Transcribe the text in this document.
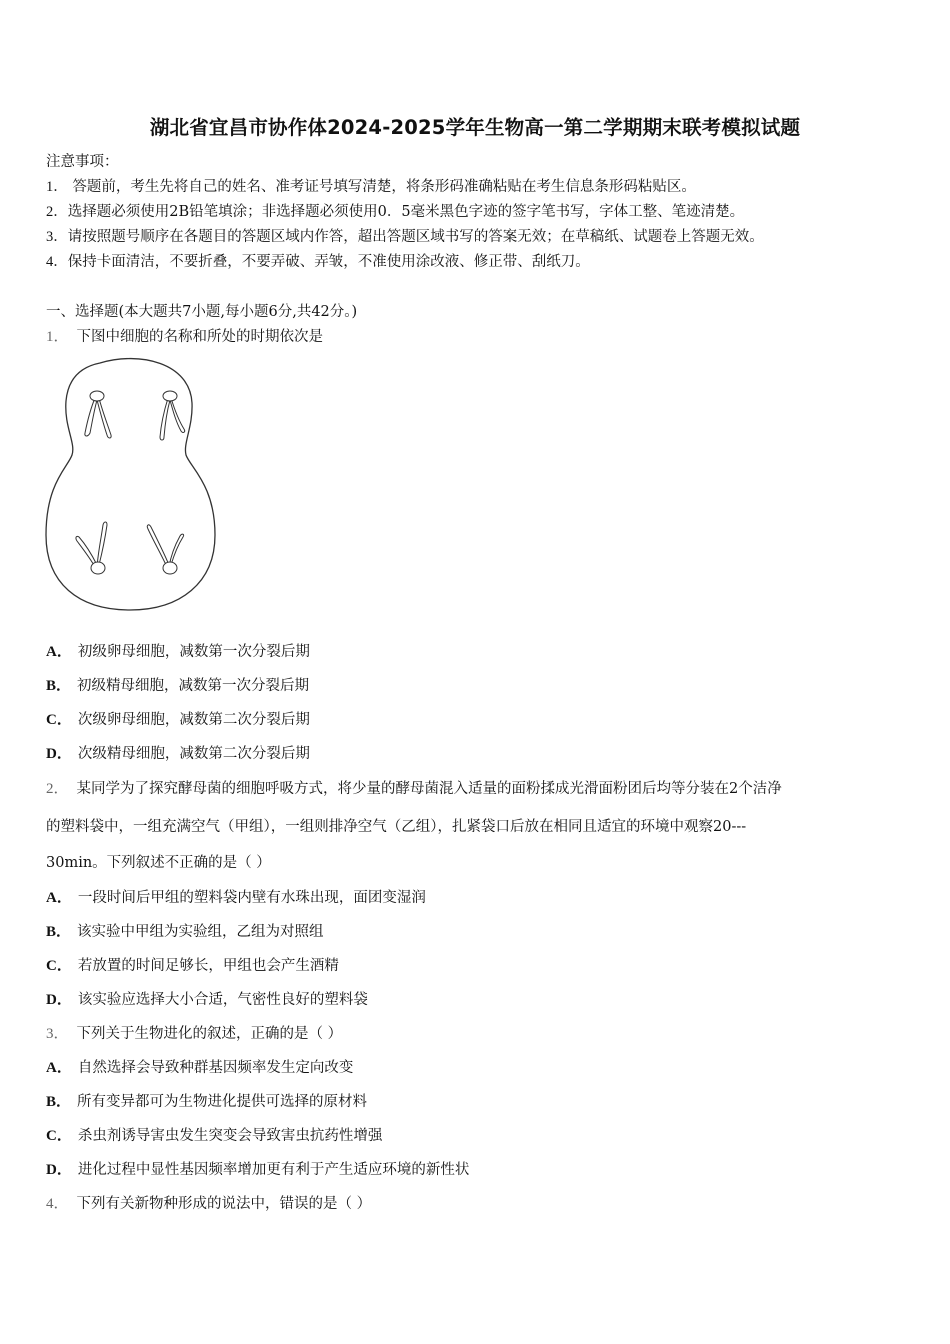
湖北省宜昌市协作体2024-2025学年生物高一第二学期期末联考模拟试题
注意事项：
1． 答题前，考生先将自己的姓名、准考证号填写清楚，将条形码准确粘贴在考生信息条形码粘贴区。
2．选择题必须使用2B铅笔填涂；非选择题必须使用0．5毫米黑色字迹的签字笔书写，字体工整、笔迹清楚。
3．请按照题号顺序在各题目的答题区域内作答，超出答题区域书写的答案无效；在草稿纸、试题卷上答题无效。
4．保持卡面清洁，不要折叠，不要弄破、弄皱，不准使用涂改液、修正带、刮纸刀。
一、选择题(本大题共7小题,每小题6分,共42分。)
1． 下图中细胞的名称和所处的时期依次是
A． 初级卵母细胞，减数第一次分裂后期
B． 初级精母细胞，减数第一次分裂后期
C． 次级卵母细胞，减数第二次分裂后期
D． 次级精母细胞，减数第二次分裂后期
2． 某同学为了探究酵母菌的细胞呼吸方式，将少量的酵母菌混入适量的面粉揉成光滑面粉团后均等分装在2个洁净
的塑料袋中，一组充满空气（甲组），一组则排净空气（乙组），扎紧袋口后放在相同且适宜的环境中观察20---
30min。下列叙述不正确的是（ ）
A． 一段时间后甲组的塑料袋内壁有水珠出现，面团变湿润
B． 该实验中甲组为实验组，乙组为对照组
C． 若放置的时间足够长，甲组也会产生酒精
D． 该实验应选择大小合适，气密性良好的塑料袋
3． 下列关于生物进化的叙述，正确的是（ ）
A． 自然选择会导致种群基因频率发生定向改变
B． 所有变异都可为生物进化提供可选择的原材料
C． 杀虫剂诱导害虫发生突变会导致害虫抗药性增强
D． 进化过程中显性基因频率增加更有利于产生适应环境的新性状
4． 下列有关新物种形成的说法中，错误的是（ ）
